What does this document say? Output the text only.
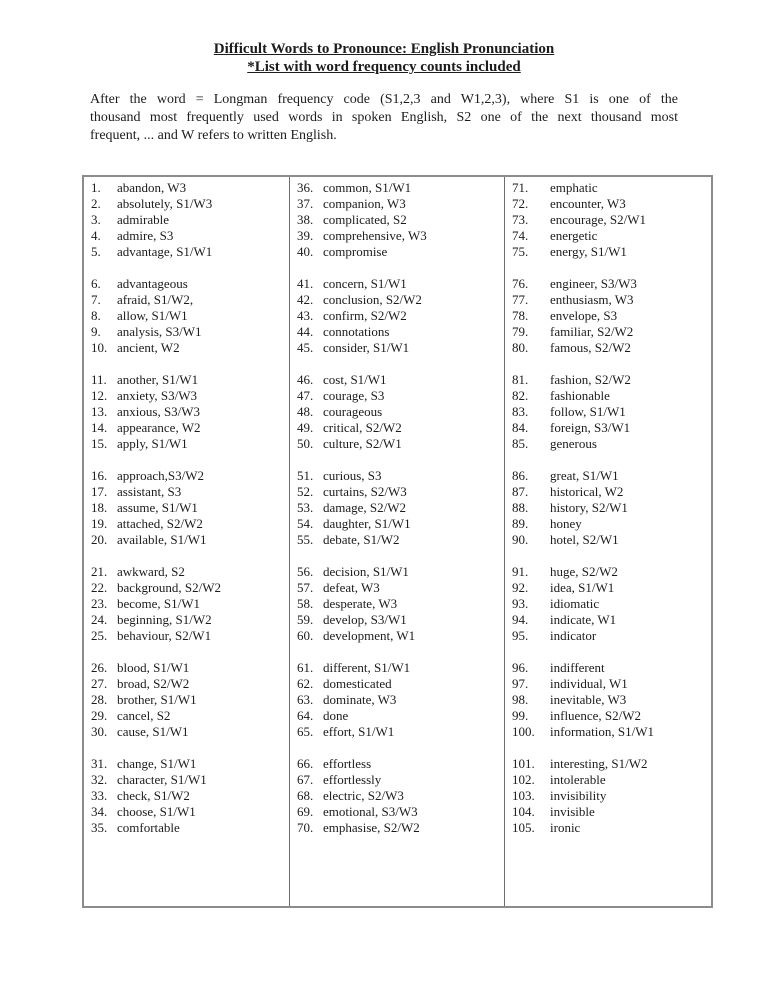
Difficult Words to Pronounce: English Pronunciation
*List with word frequency counts included
After the word = Longman frequency code (S1,2,3 and W1,2,3), where S1 is one of the
thousand most frequently used words in spoken English, S2 one of the next thousand most
frequent, ... and W refers to written English.
1. abandon, W3
2. absolutely, S1/W3
3. admirable
4. admire, S3
5. advantage, S1/W1
6. advantageous
7. afraid, S1/W2,
8. allow, S1/W1
9. analysis, S3/W1
10. ancient, W2
11. another, S1/W1
12. anxiety, S3/W3
13. anxious, S3/W3
14. appearance, W2
15. apply, S1/W1
16. approach,S3/W2
17. assistant, S3
18. assume, S1/W1
19. attached, S2/W2
20. available, S1/W1
21. awkward, S2
22. background, S2/W2
23. become, S1/W1
24. beginning, S1/W2
25. behaviour, S2/W1
26. blood, S1/W1
27. broad, S2/W2
28. brother, S1/W1
29. cancel, S2
30. cause, S1/W1
31. change, S1/W1
32. character, S1/W1
33. check, S1/W2
34. choose, S1/W1
35. comfortable

36. common, S1/W1
37. companion, W3
38. complicated, S2
39. comprehensive, W3
40. compromise
41. concern, S1/W1
42. conclusion, S2/W2
43. confirm, S2/W2
44. connotations
45. consider, S1/W1
46. cost, S1/W1
47. courage, S3
48. courageous
49. critical, S2/W2
50. culture, S2/W1
51. curious, S3
52. curtains, S2/W3
53. damage, S2/W2
54. daughter, S1/W1
55. debate, S1/W2
56. decision, S1/W1
57. defeat, W3
58. desperate, W3
59. develop, S3/W1
60. development, W1
61. different, S1/W1
62. domesticated
63. dominate, W3
64. done
65. effort, S1/W1
66. effortless
67. effortlessly
68. electric, S2/W3
69. emotional, S3/W3
70. emphasise, S2/W2

71. emphatic
72. encounter, W3
73. encourage, S2/W1
74. energetic
75. energy, S1/W1
76. engineer, S3/W3
77. enthusiasm, W3
78. envelope, S3
79. familiar, S2/W2
80. famous, S2/W2
81. fashion, S2/W2
82. fashionable
83. follow, S1/W1
84. foreign, S3/W1
85. generous
86. great, S1/W1
87. historical, W2
88. history, S2/W1
89. honey
90. hotel, S2/W1
91. huge, S2/W2
92. idea, S1/W1
93. idiomatic
94. indicate, W1
95. indicator
96. indifferent
97. individual, W1
98. inevitable, W3
99. influence, S2/W2
100. information, S1/W1
101. interesting, S1/W2
102. intolerable
103. invisibility
104. invisible
105. ironic
